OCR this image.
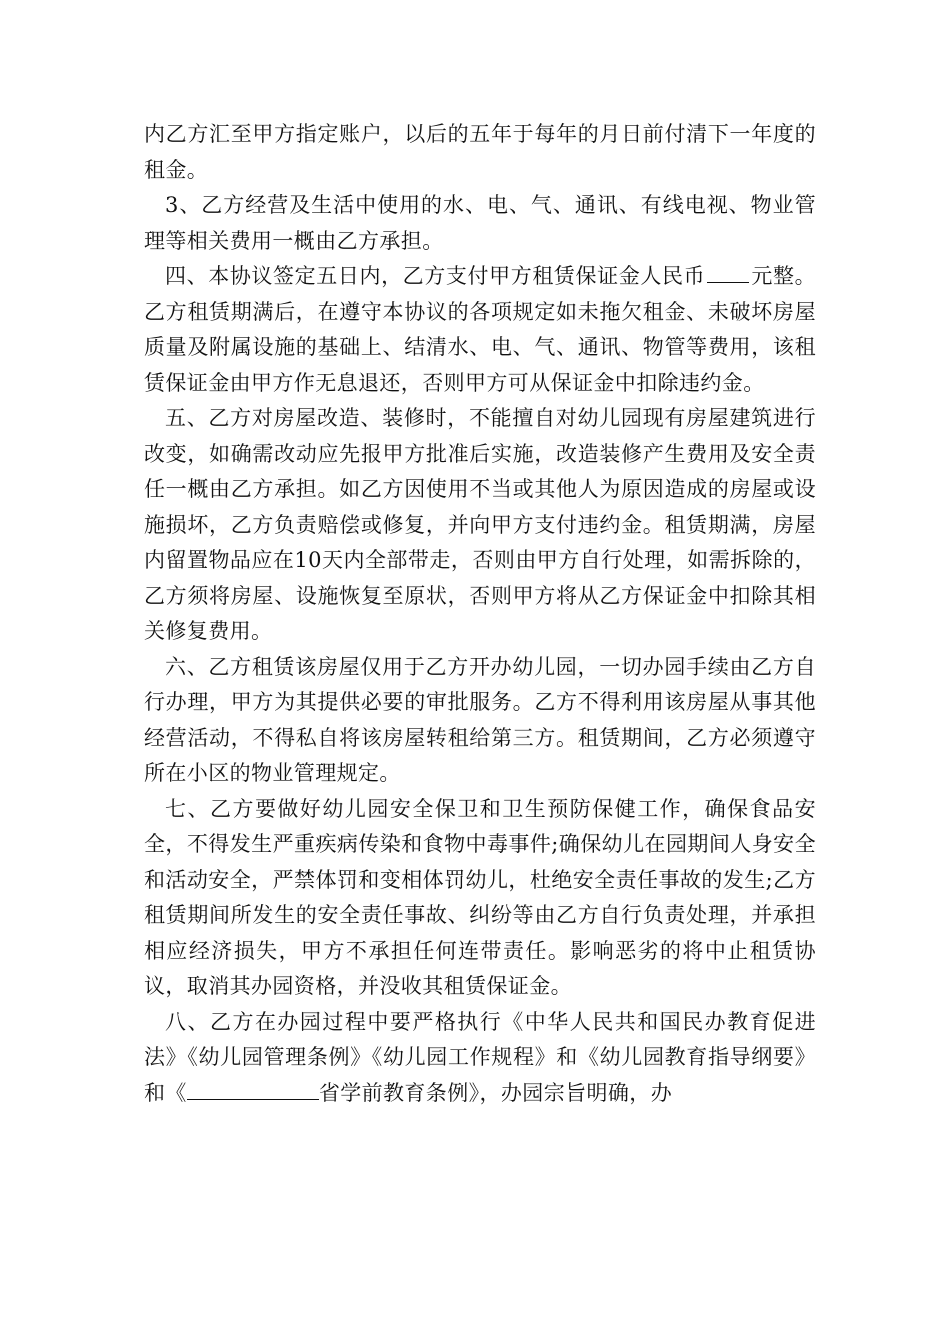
内乙方汇至甲方指定账户，以后的五年于每年的月日前付清下一年度的租金。

3、乙方经营及生活中使用的水、电、气、通讯、有线电视、物业管理等相关费用一概由乙方承担。

四、本协议签定五日内，乙方支付甲方租赁保证金人民币 元整。乙方租赁期满后，在遵守本协议的各项规定如未拖欠租金、未破坏房屋质量及附属设施的基础上、结清水、电、气、通讯、物管等费用，该租赁保证金由甲方作无息退还，否则甲方可从保证金中扣除违约金。

五、乙方对房屋改造、装修时，不能擅自对幼儿园现有房屋建筑进行改变，如确需改动应先报甲方批准后实施，改造装修产生费用及安全责任一概由乙方承担。如乙方因使用不当或其他人为原因造成的房屋或设施损坏，乙方负责赔偿或修复，并向甲方支付违约金。租赁期满，房屋内留置物品应在10天内全部带走，否则由甲方自行处理，如需拆除的，乙方须将房屋、设施恢复至原状，否则甲方将从乙方保证金中扣除其相关修复费用。

六、乙方租赁该房屋仅用于乙方开办幼儿园，一切办园手续由乙方自行办理，甲方为其提供必要的审批服务。乙方不得利用该房屋从事其他经营活动，不得私自将该房屋转租给第三方。租赁期间，乙方必须遵守所在小区的物业管理规定。

七、乙方要做好幼儿园安全保卫和卫生预防保健工作，确保食品安全，不得发生严重疾病传染和食物中毒事件;确保幼儿在园期间人身安全和活动安全，严禁体罚和变相体罚幼儿，杜绝安全责任事故的发生;乙方租赁期间所发生的安全责任事故、纠纷等由乙方自行负责处理，并承担相应经济损失，甲方不承担任何连带责任。影响恶劣的将中止租赁协议，取消其办园资格，并没收其租赁保证金。

八、乙方在办园过程中要严格执行《中华人民共和国民办教育促进法》《幼儿园管理条例》《幼儿园工作规程》和《幼儿园教育指导纲要》和《	省学前教育条例》，办园宗旨明确，办
